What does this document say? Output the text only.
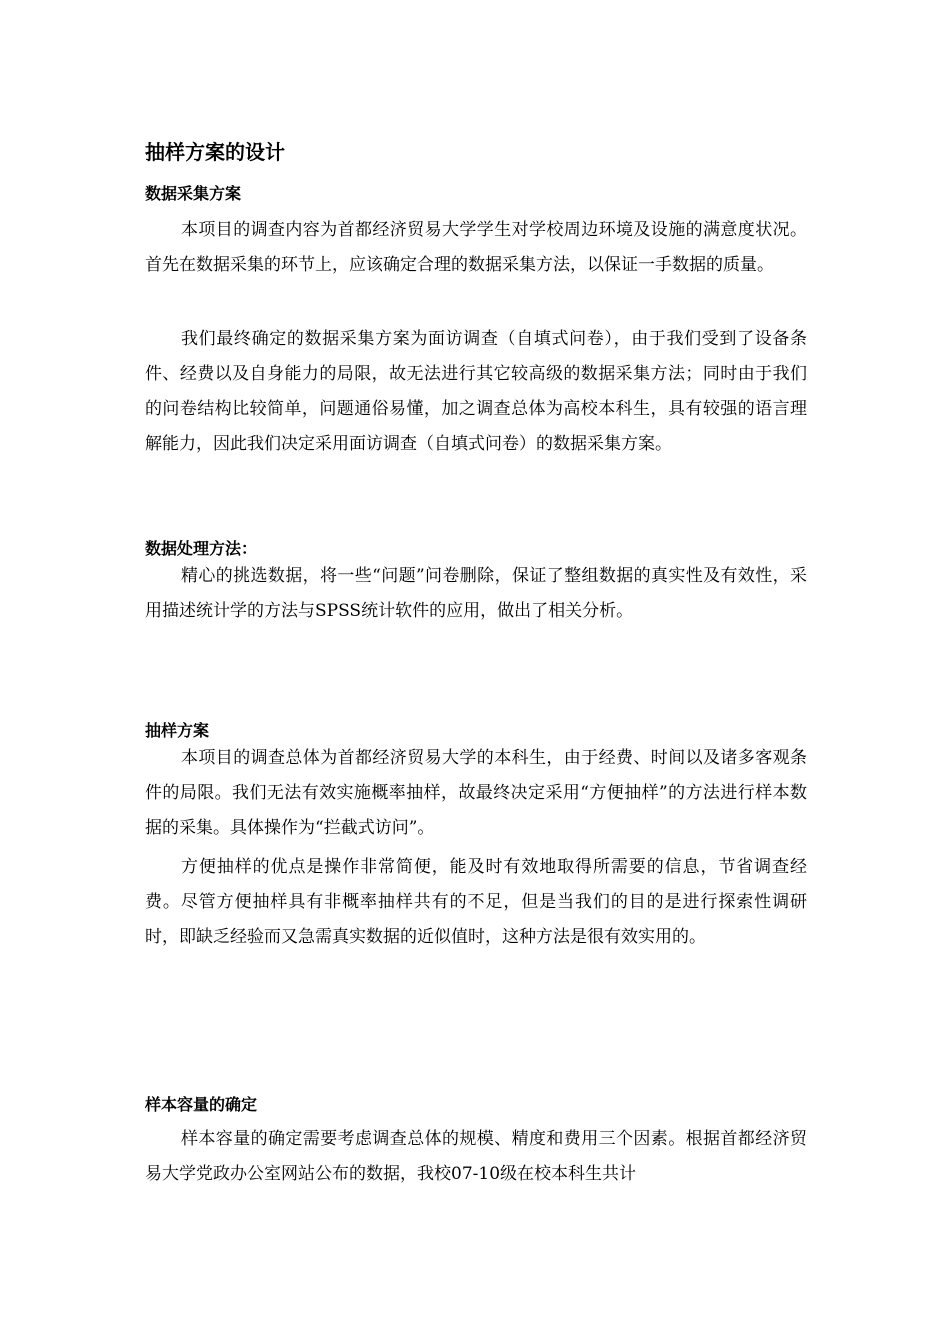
抽样方案的设计
数据采集方案

本项目的调查内容为首都经济贸易大学学生对学校周边环境及设施的满意度状况。首先在数据采集的环节上，应该确定合理的数据采集方法，以保证一手数据的质量。

我们最终确定的数据采集方案为面访调查（自填式问卷），由于我们受到了设备条件、经费以及自身能力的局限，故无法进行其它较高级的数据采集方法；同时由于我们的问卷结构比较简单，问题通俗易懂，加之调查总体为高校本科生，具有较强的语言理解能力，因此我们决定采用面访调查（自填式问卷）的数据采集方案。

数据处理方法：

精心的挑选数据，将一些“问题”问卷删除，保证了整组数据的真实性及有效性，采用描述统计学的方法与SPSS统计软件的应用，做出了相关分析。

抽样方案

本项目的调查总体为首都经济贸易大学的本科生，由于经费、时间以及诸多客观条件的局限。我们无法有效实施概率抽样，故最终决定采用“方便抽样”的方法进行样本数据的采集。具体操作为“拦截式访问”。

方便抽样的优点是操作非常简便，能及时有效地取得所需要的信息，节省调查经费。尽管方便抽样具有非概率抽样共有的不足，但是当我们的目的是进行探索性调研时，即缺乏经验而又急需真实数据的近似值时，这种方法是很有效实用的。

样本容量的确定

样本容量的确定需要考虑调查总体的规模、精度和费用三个因素。根据首都经济贸易大学党政办公室网站公布的数据，我校07-10级在校本科生共计
